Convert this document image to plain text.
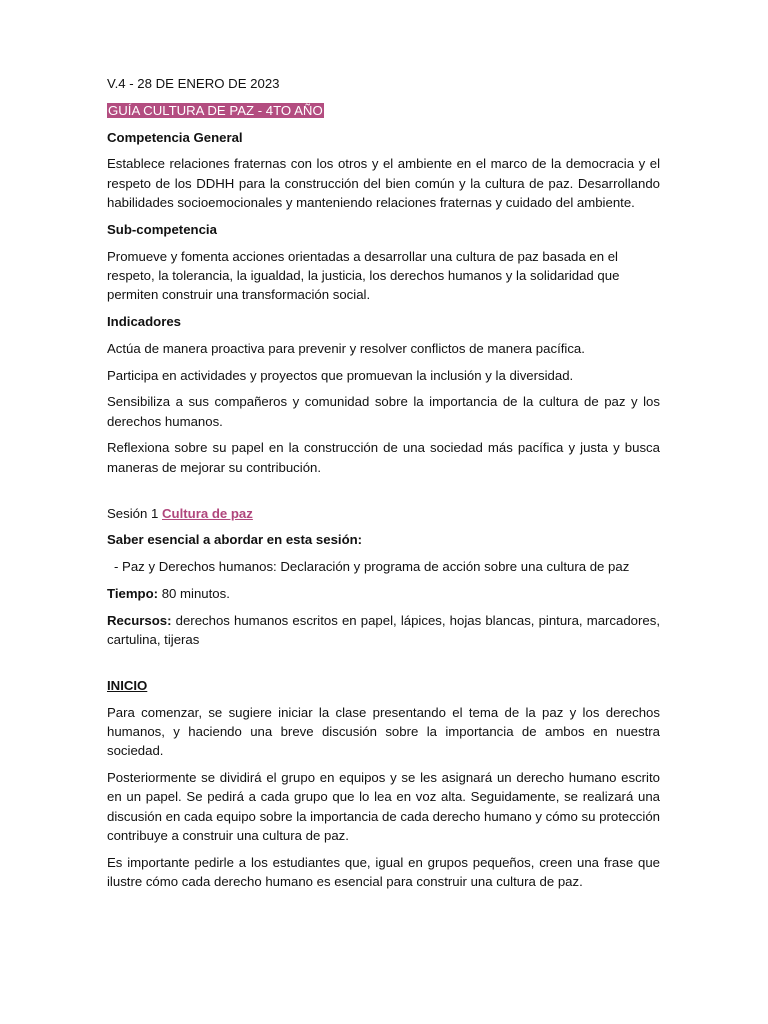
V.4 - 28 DE ENERO DE 2023

GUÍA CULTURA DE PAZ - 4TO AÑO

Competencia General

Establece relaciones fraternas con los otros y el ambiente en el marco de la democracia y el respeto de los DDHH para la construcción del bien común y la cultura de paz. Desarrollando habilidades socioemocionales y manteniendo relaciones fraternas y cuidado del ambiente.

Sub-competencia

Promueve y fomenta acciones orientadas a desarrollar una cultura de paz basada en el respeto, la tolerancia, la igualdad, la justicia, los derechos humanos y la solidaridad que permiten construir una transformación social.

Indicadores

Actúa de manera proactiva para prevenir y resolver conflictos de manera pacífica.

Participa en actividades y proyectos que promuevan la inclusión y la diversidad.

Sensibiliza a sus compañeros y comunidad sobre la importancia de la cultura de paz y los derechos humanos.

Reflexiona sobre su papel en la construcción de una sociedad más pacífica y justa y busca maneras de mejorar su contribución.

Sesión 1 Cultura de paz

Saber esencial a abordar en esta sesión:

- Paz y Derechos humanos: Declaración y programa de acción sobre una cultura de paz

Tiempo: 80 minutos.

Recursos: derechos humanos escritos en papel, lápices, hojas blancas, pintura, marcadores, cartulina, tijeras

INICIO

Para comenzar, se sugiere iniciar la clase presentando el tema de la paz y los derechos humanos, y haciendo una breve discusión sobre la importancia de ambos en nuestra sociedad.

Posteriormente se dividirá el grupo en equipos y se les asignará un derecho humano escrito en un papel. Se pedirá a cada grupo que lo lea en voz alta. Seguidamente, se realizará una discusión en cada equipo sobre la importancia de cada derecho humano y cómo su protección contribuye a construir una cultura de paz.

Es importante pedirle a los estudiantes que, igual en grupos pequeños, creen una frase que ilustre cómo cada derecho humano es esencial para construir una cultura de paz.
